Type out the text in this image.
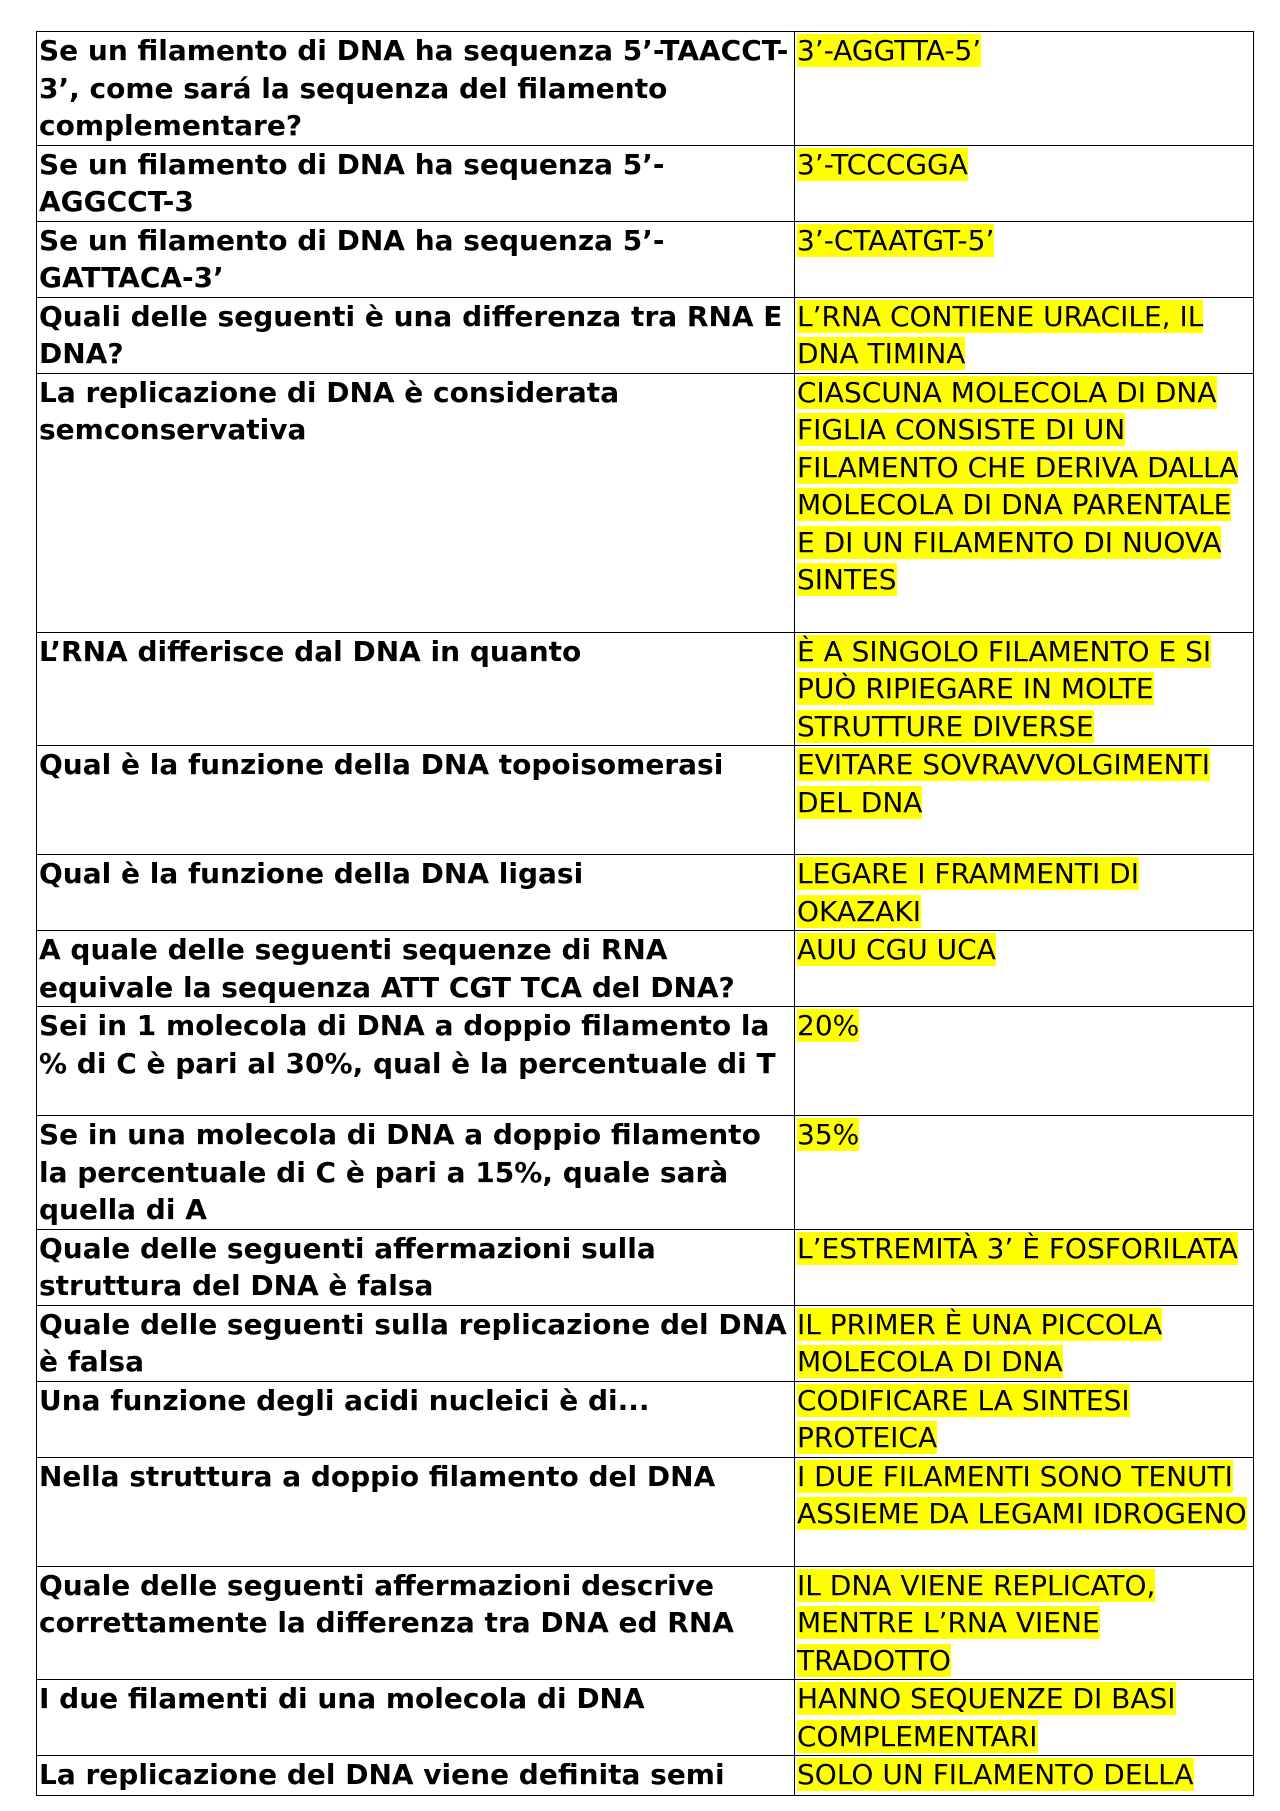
Se un filamento di DNA ha sequenza 5’-TAACCT-3’, come sará la sequenza del filamento complementare?	3’-AGGTTA-5’
Se un filamento di DNA ha sequenza 5’-AGGCCT-3	3’-TCCCGGA
Se un filamento di DNA ha sequenza 5’-GATTACA-3’	3’-CTAATGT-5’
Quali delle seguenti è una differenza tra RNA E DNA?	L’RNA CONTIENE URACILE, IL DNA TIMINA
La replicazione di DNA è considerata semconservativa	CIASCUNA MOLECOLA DI DNA FIGLIA CONSISTE DI UN FILAMENTO CHE DERIVA DALLA MOLECOLA DI DNA PARENTALE E DI UN FILAMENTO DI NUOVA SINTES
L’RNA differisce dal DNA in quanto	È A SINGOLO FILAMENTO E SI PUÒ RIPIEGARE IN MOLTE STRUTTURE DIVERSE
Qual è la funzione della DNA topoisomerasi	EVITARE SOVRAVVOLGIMENTI DEL DNA
Qual è la funzione della DNA ligasi	LEGARE I FRAMMENTI DI OKAZAKI
A quale delle seguenti sequenze di RNA equivale la sequenza ATT CGT TCA del DNA?	AUU CGU UCA
Sei in 1 molecola di DNA a doppio filamento la % di C è pari al 30%, qual è la percentuale di T	20%
Se in una molecola di DNA a doppio filamento la percentuale di C è pari a 15%, quale sarà quella di A	35%
Quale delle seguenti affermazioni sulla struttura del DNA è falsa	L’ESTREMITÀ 3’ È FOSFORILATA
Quale delle seguenti sulla replicazione del DNA è falsa	IL PRIMER È UNA PICCOLA MOLECOLA DI DNA
Una funzione degli acidi nucleici è di...	CODIFICARE LA SINTESI PROTEICA
Nella struttura a doppio filamento del DNA	I DUE FILAMENTI SONO TENUTI ASSIEME DA LEGAMI IDROGENO
Quale delle seguenti affermazioni descrive correttamente la differenza tra DNA ed RNA	IL DNA VIENE REPLICATO, MENTRE L’RNA VIENE TRADOTTO
I due filamenti di una molecola di DNA	HANNO SEQUENZE DI BASI COMPLEMENTARI
La replicazione del DNA viene definita semi	SOLO UN FILAMENTO DELLA
